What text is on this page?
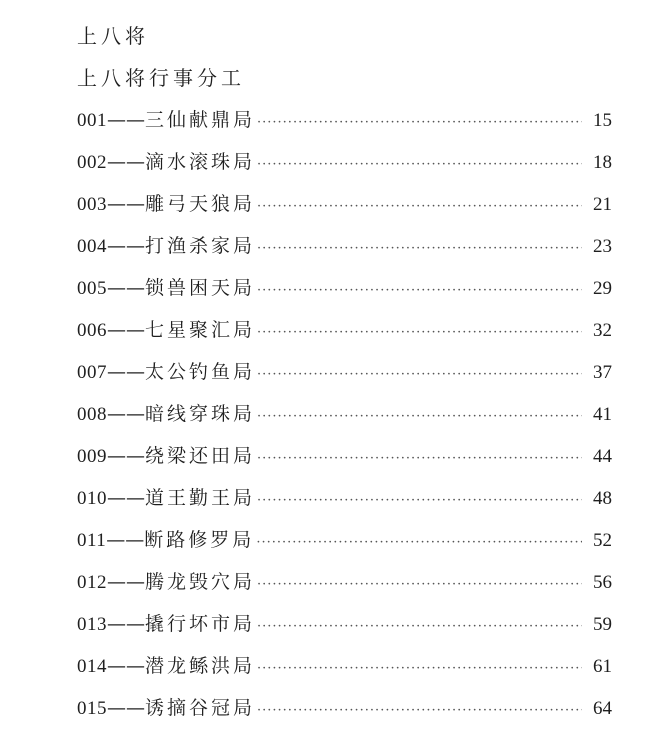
上八将
上八将行事分工
001 —— 三仙献鼎局 ·····	15
002 —— 滴水滚珠局 ·····	18
003 —— 雕弓天狼局 ·····	21
004 —— 打渔杀家局 ·····	23
005 —— 锁兽困天局 ·····	29
006 —— 七星聚汇局 ·····	32
007 —— 太公钓鱼局 ·····	37
008 —— 暗线穿珠局 ·····	41
009 —— 绕梁还田局 ·····	44
010 —— 道王勤王局 ·····	48
011 —— 断路修罗局 ·····	52
012 —— 腾龙毁穴局 ·····	56
013 —— 撬行坏市局 ·····	59
014 —— 潜龙鲧洪局 ·····	61
015 —— 诱摘谷冠局 ·····	64
